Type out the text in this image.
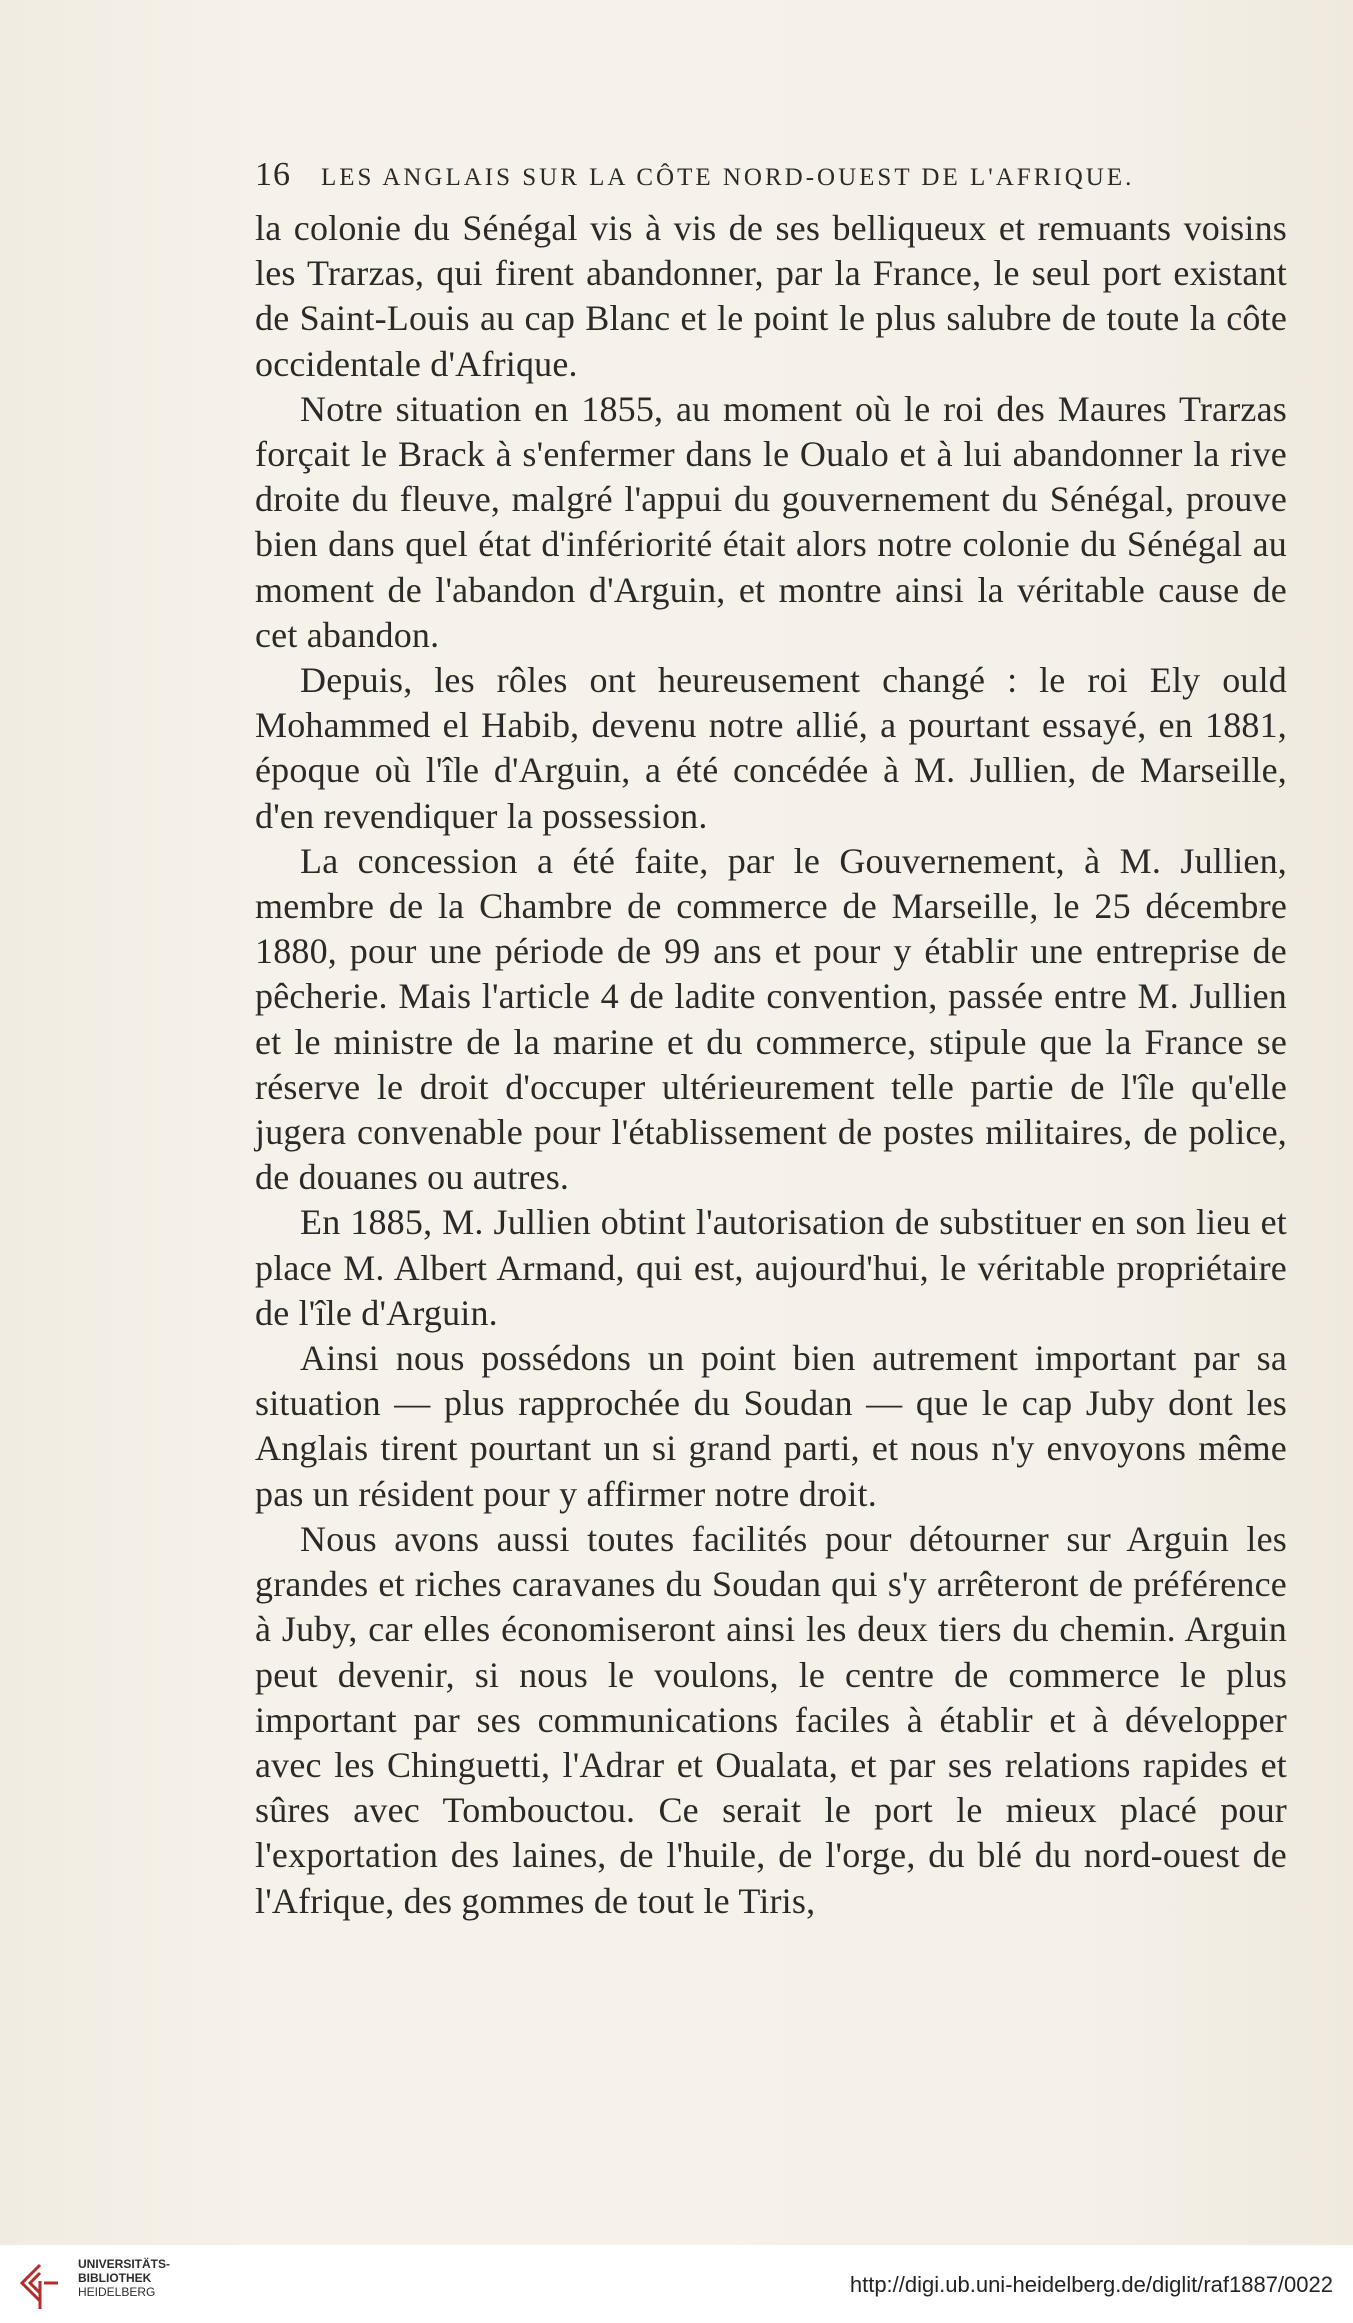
16 LES ANGLAIS SUR LA CÔTE NORD-OUEST DE L'AFRIQUE.

la colonie du Sénégal vis à vis de ses belliqueux et remuants voisins les Trarzas, qui firent abandonner, par la France, le seul port existant de Saint-Louis au cap Blanc et le point le plus salubre de toute la côte occidentale d'Afrique.

Notre situation en 1855, au moment où le roi des Maures Trarzas forçait le Brack à s'enfermer dans le Oualo et à lui abandonner la rive droite du fleuve, malgré l'appui du gouvernement du Sénégal, prouve bien dans quel état d'infériorité était alors notre colonie du Sénégal au moment de l'abandon d'Arguin, et montre ainsi la véritable cause de cet abandon.

Depuis, les rôles ont heureusement changé : le roi Ely ould Mohammed el Habib, devenu notre allié, a pourtant essayé, en 1881, époque où l'île d'Arguin, a été concédée à M. Jullien, de Marseille, d'en revendiquer la possession.

La concession a été faite, par le Gouvernement, à M. Jullien, membre de la Chambre de commerce de Marseille, le 25 décembre 1880, pour une période de 99 ans et pour y établir une entreprise de pêcherie. Mais l'article 4 de ladite convention, passée entre M. Jullien et le ministre de la marine et du commerce, stipule que la France se réserve le droit d'occuper ultérieurement telle partie de l'île qu'elle jugera convenable pour l'établissement de postes militaires, de police, de douanes ou autres.

En 1885, M. Jullien obtint l'autorisation de substituer en son lieu et place M. Albert Armand, qui est, aujourd'hui, le véritable propriétaire de l'île d'Arguin.

Ainsi nous possédons un point bien autrement important par sa situation — plus rapprochée du Soudan — que le cap Juby dont les Anglais tirent pourtant un si grand parti, et nous n'y envoyons même pas un résident pour y affirmer notre droit.

Nous avons aussi toutes facilités pour détourner sur Arguin les grandes et riches caravanes du Soudan qui s'y arrêteront de préférence à Juby, car elles économiseront ainsi les deux tiers du chemin. Arguin peut devenir, si nous le voulons, le centre de commerce le plus important par ses communications faciles à établir et à développer avec les Chinguetti, l'Adrar et Oualata, et par ses relations rapides et sûres avec Tombouctou. Ce serait le port le mieux placé pour l'exportation des laines, de l'huile, de l'orge, du blé du nord-ouest de l'Afrique, des gommes de tout le Tiris,

UNIVERSITÄTS-
BIBLIOTHEK
HEIDELBERG	http://digi.ub.uni-heidelberg.de/diglit/raf1887/0022
